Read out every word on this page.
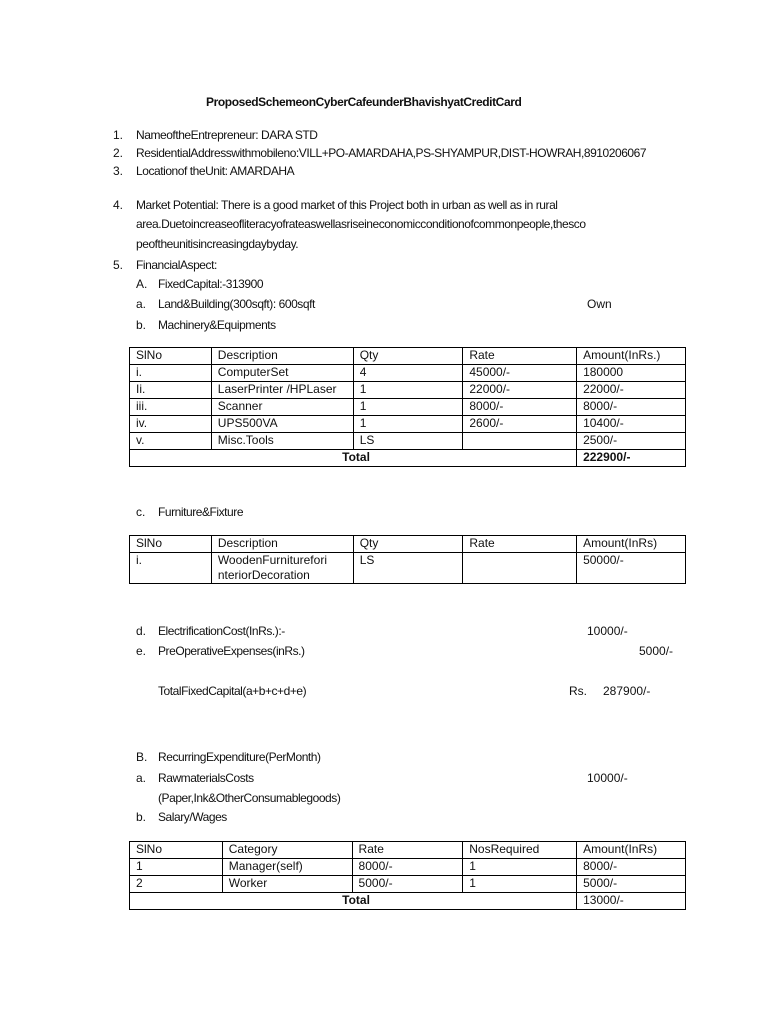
ProposedSchemeonCyberCafeunderBhavishyatCreditCard
1. NameoftheEntrepreneur: DARA STD
2. ResidentialAddresswithmobileno:VILL+PO-AMARDAHA,PS-SHYAMPUR,DIST-HOWRAH,8910206067
3. Locationof theUnit: AMARDAHA
4. Market Potential: There is a good market of this Project both in urban as well as in rural
area.Duetoincreaseofliteracyofrateaswellasriseineconomicconditionofcommonpeople,thesco
peoftheunitisincreasingdaybyday.
5. FinancialAspect:
A. FixedCapital:-313900
a. Land&Building(300sqft): 600sqft	Own
b. Machinery&Equipments
SlNo	Description	Qty	Rate	Amount(InRs.)
i.	ComputerSet	4	45000/-	180000
Ii.	LaserPrinter /HPLaser	1	22000/-	22000/-
iii.	Scanner	1	8000/-	8000/-
iv.	UPS500VA	1	2600/-	10400/-
v.	Misc.Tools	LS		2500/-
Total				222900/-
c. Furniture&Fixture
SlNo	Description	Qty	Rate	Amount(InRs)
i.	WoodenFurniturefori
nteriorDecoration	LS		50000/-
d. ElectrificationCost(InRs.):-	10000/-
e. PreOperativeExpenses(inRs.)	5000/-
TotalFixedCapital(a+b+c+d+e)	Rs. 287900/-
B. RecurringExpenditure(PerMonth)
a. RawmaterialsCosts	10000/-
(Paper,Ink&OtherConsumablegoods)
b. Salary/Wages
SlNo	Category	Rate	NosRequired	Amount(InRs)
1	Manager(self)	8000/-	1	8000/-
2	Worker	5000/-	1	5000/-
Total				13000/-
